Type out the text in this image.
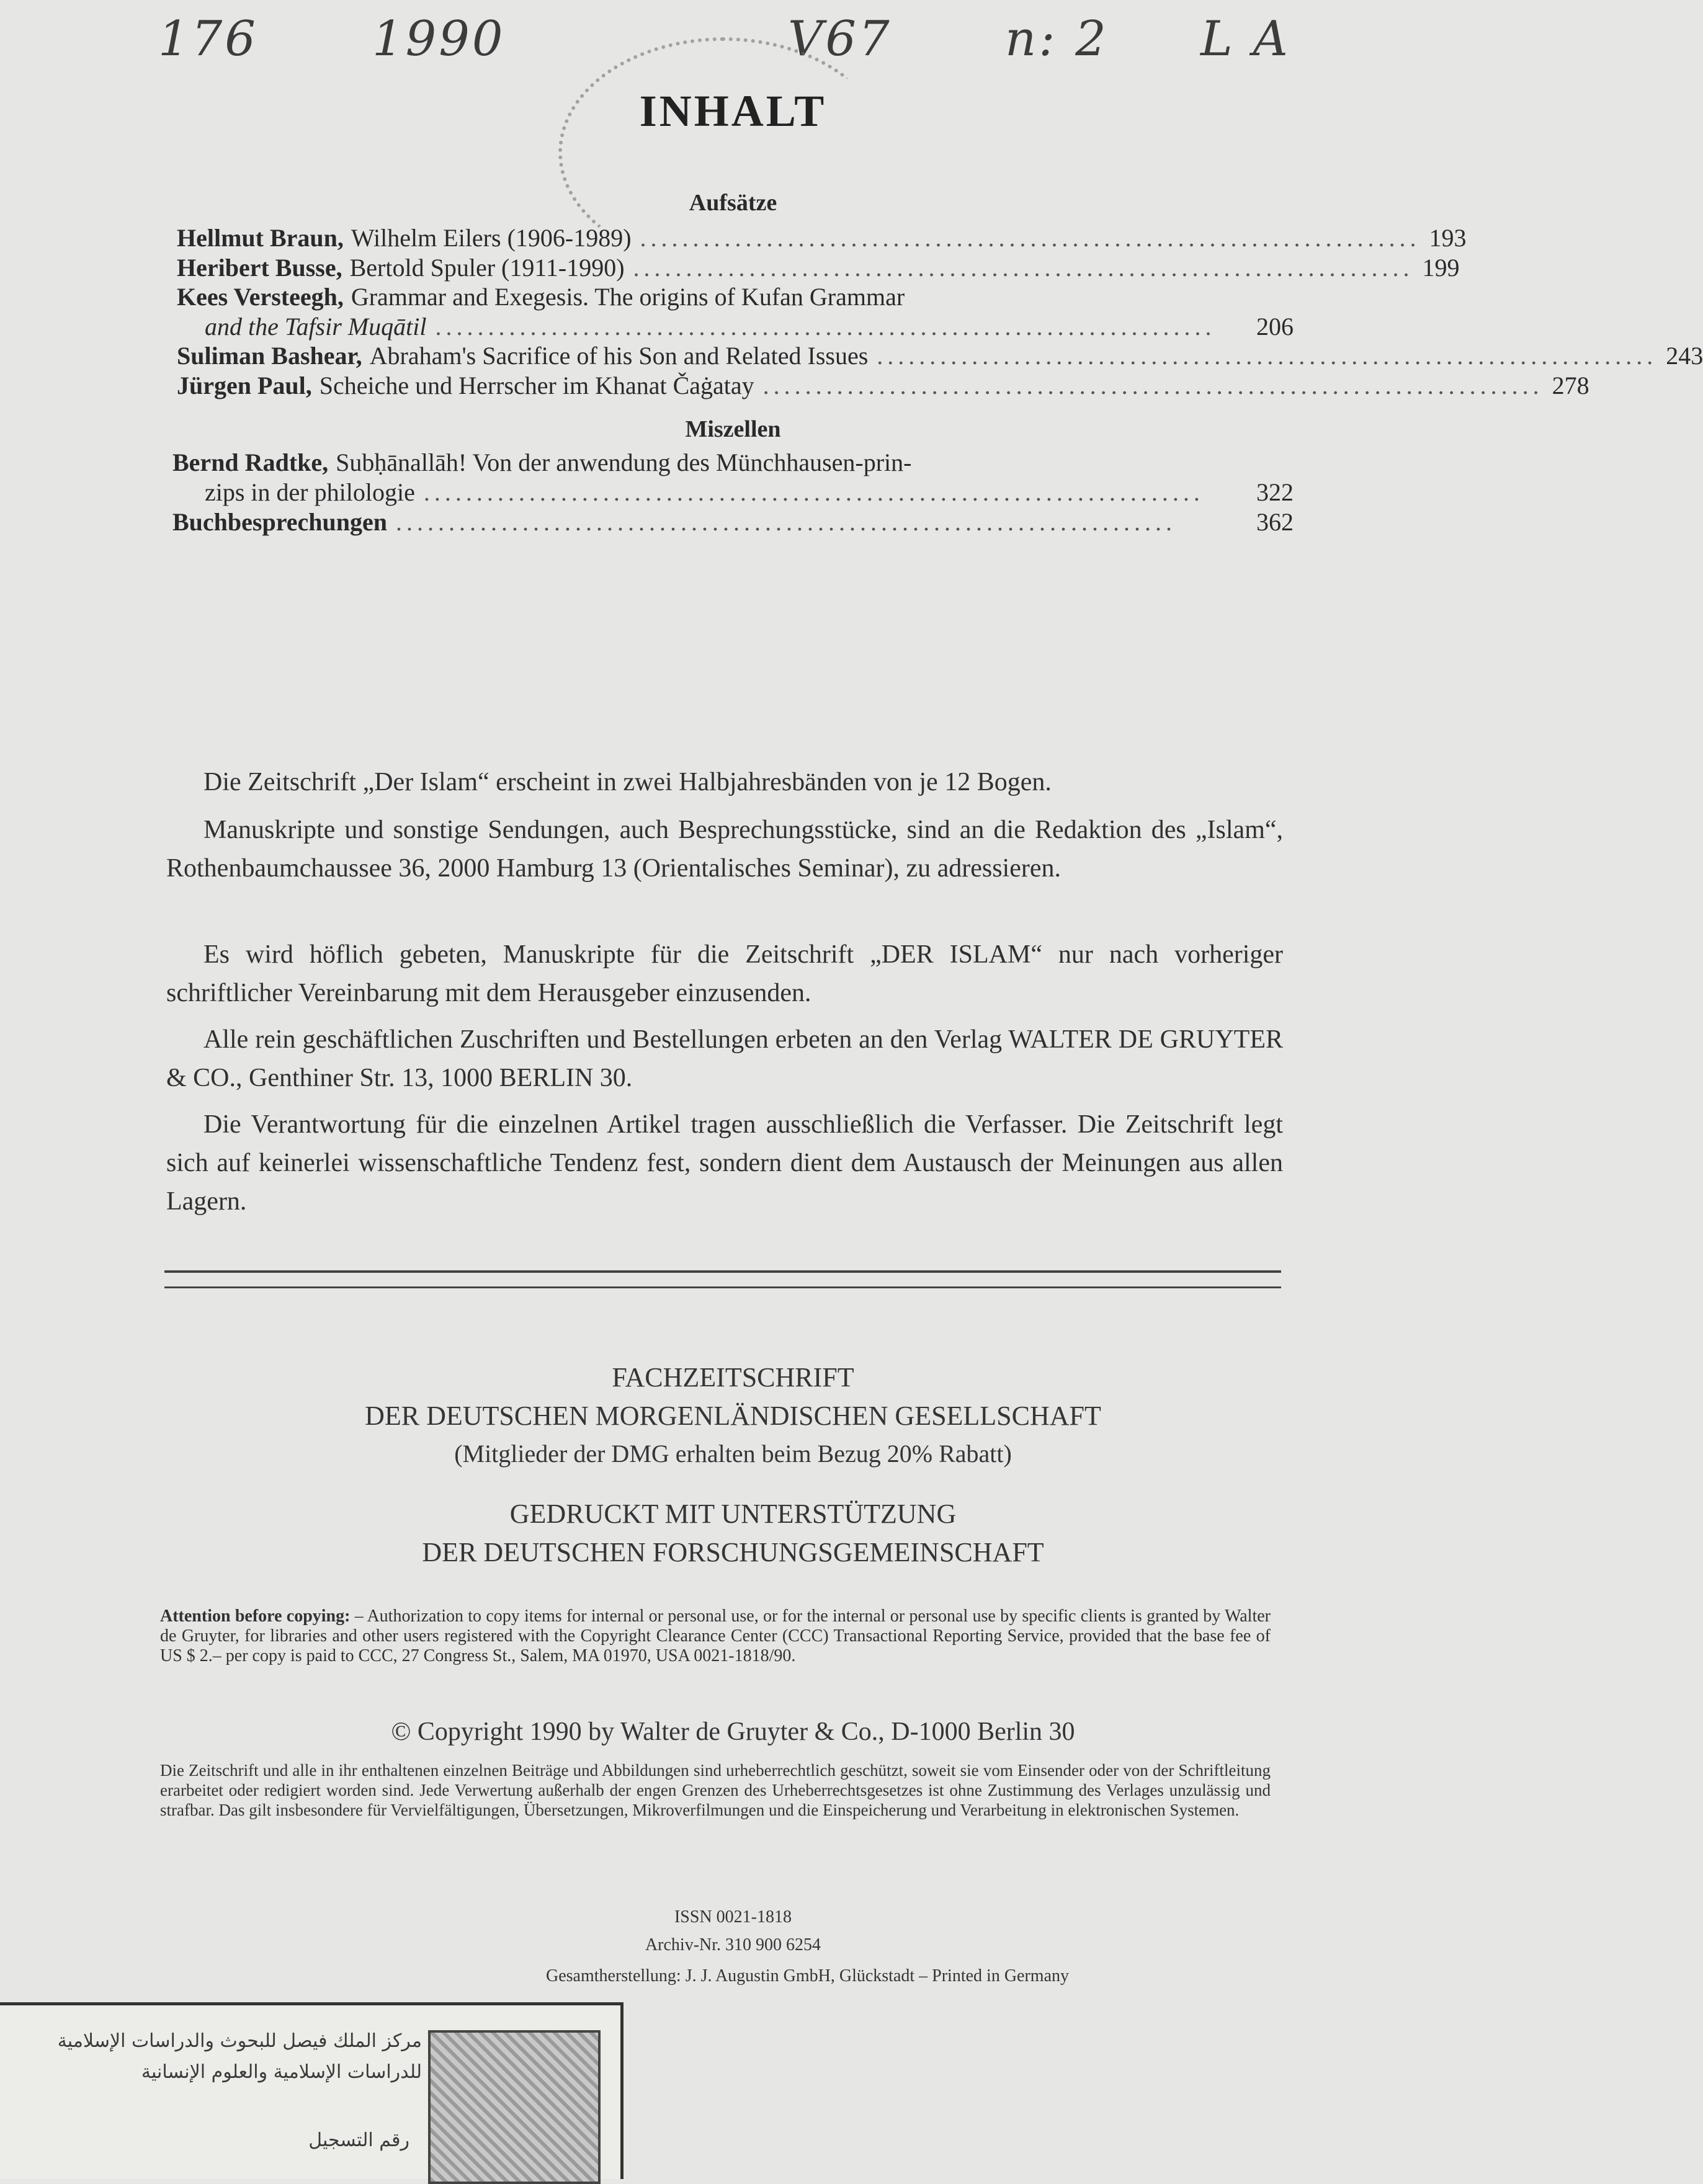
176 1990	V67 n: 2 L A
INHALT
Aufsätze
Hellmut Braun, Wilhelm Eilers (1906-1989) .......................................................................... 193
Heribert Busse, Bertold Spuler (1911-1990) .......................................................................... 199
Kees Versteegh, Grammar and Exegesis. The origins of Kufan Grammar
and the Tafsir Muqātil ..........................................................................	206
Suliman Bashear, Abraham's Sacrifice of his Son and Related Issues .......................................................................... 243
Jürgen Paul, Scheiche und Herrscher im Khanat Čaġatay .......................................................................... 278
Miszellen
Bernd Radtke, Subḥānallāh! Von der anwendung des Münchhausen-prin-
zips in der philologie ..........................................................................	322
Buchbesprechungen ..........................................................................	362
Die Zeitschrift „Der Islam“ erscheint in zwei Halbjahresbänden von je 12 Bogen.
Manuskripte und sonstige Sendungen, auch Besprechungsstücke, sind an die Redaktion des „Islam“, Rothenbaumchaussee 36, 2000 Hamburg 13 (Orientalisches Seminar), zu adressieren.
Es wird höflich gebeten, Manuskripte für die Zeitschrift „DER ISLAM“ nur nach vorheriger schriftlicher Vereinbarung mit dem Herausgeber einzusenden.
Alle rein geschäftlichen Zuschriften und Bestellungen erbeten an den Verlag WALTER DE GRUYTER & CO., Genthiner Str. 13, 1000 BERLIN 30.
Die Verantwortung für die einzelnen Artikel tragen ausschließlich die Verfasser. Die Zeitschrift legt sich auf keinerlei wissenschaftliche Tendenz fest, sondern dient dem Austausch der Meinungen aus allen Lagern.
FACHZEITSCHRIFT
DER DEUTSCHEN MORGENLÄNDISCHEN GESELLSCHAFT
(Mitglieder der DMG erhalten beim Bezug 20% Rabatt)
GEDRUCKT MIT UNTERSTÜTZUNG
DER DEUTSCHEN FORSCHUNGSGEMEINSCHAFT
Attention before copying: – Authorization to copy items for internal or personal use, or for the internal or personal use by specific clients is granted by Walter de Gruyter, for libraries and other users registered with the Copyright Clearance Center (CCC) Transactional Reporting Service, provided that the base fee of US $ 2.– per copy is paid to CCC, 27 Congress St., Salem, MA 01970, USA 0021-1818/90.
© Copyright 1990 by Walter de Gruyter & Co., D-1000 Berlin 30
Die Zeitschrift und alle in ihr enthaltenen einzelnen Beiträge und Abbildungen sind urheberrechtlich geschützt, soweit sie vom Einsender oder von der Schriftleitung erarbeitet oder redigiert worden sind. Jede Verwertung außerhalb der engen Grenzen des Urheberrechtsgesetzes ist ohne Zustimmung des Verlages unzulässig und strafbar. Das gilt insbesondere für Vervielfältigungen, Übersetzungen, Mikroverfilmungen und die Einspeicherung und Verarbeitung in elektronischen Systemen.
ISSN 0021-1818
Archiv-Nr. 310 900 6254
Gesamtherstellung: J. J. Augustin GmbH, Glückstadt – Printed in Germany
مركز الملك فيصل للبحوث والدراسات الإسلامية
للدراسات الإسلامية والعلوم الإنسانية
رقم التسجيل
